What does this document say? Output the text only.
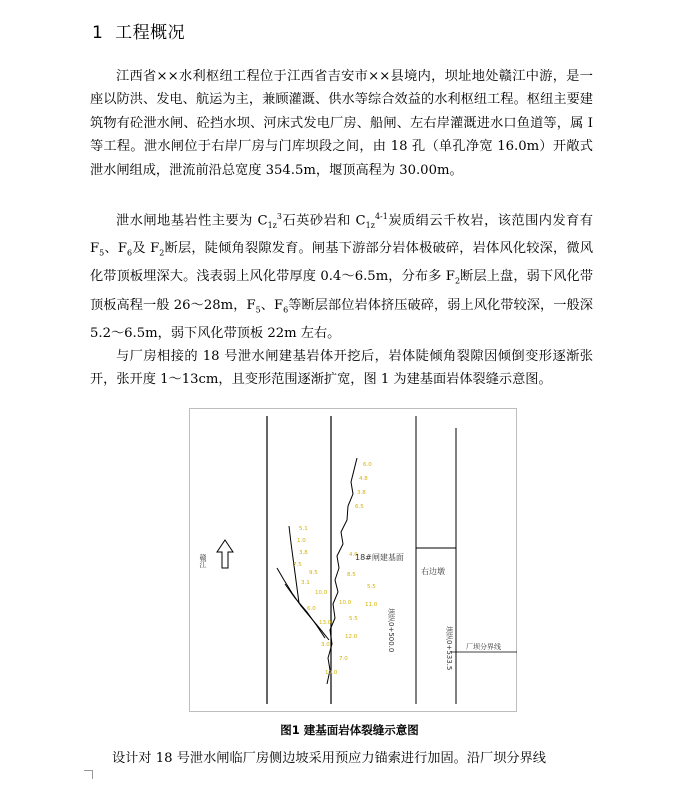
1 工程概况

江西省××水利枢纽工程位于江西省吉安市××县境内，坝址地处赣江中游，是一座以防洪、发电、航运为主，兼顾灌溉、供水等综合效益的水利枢纽工程。枢纽主要建筑物有砼泄水闸、砼挡水坝、河床式发电厂房、船闸、左右岸灌溉进水口鱼道等，属 I 等工程。泄水闸位于右岸厂房与门库坝段之间，由 18 孔（单孔净宽 16.0m）开敞式泄水闸组成，泄流前沿总宽度 354.5m，堰顶高程为 30.00m。

泄水闸地基岩性主要为 $C_{1z}^3$石英砂岩和 $C_{1z}^{4-1}$炭质绢云千枚岩，该范围内发育有 $F_5$、$F_6$及 $F_2$断层，陡倾角裂隙发育。闸基下游部分岩体极破碎，岩体风化较深，微风化带顶板埋深大。浅表弱上风化带厚度 0.4～6.5m，分布多 $F_2$断层上盘，弱下风化带顶板高程一般 26～28m，$F_5$、$F_6$等断层部位岩体挤压破碎，弱上风化带较深，一般深 5.2～6.5m，弱下风化带顶板 22m 左右。

与厂房相接的 18 号泄水闸建基岩体开挖后，岩体陡倾角裂隙因倾倒变形逐渐张开，张开度 1～13cm，且变形范围逐渐扩宽，图 1 为建基面岩体裂缝示意图。

赣江
6.0
4.8
3.8
6.5
5.1
1.0
3.8
7.5
4.0
9.5	8.5
3.1
5.5
10.0
10.0	11.0
6.0
5.5
13.0
12.0
3.0
7.0
10.0
18#闸建基面
右边墩
坝纵0+500.0	坝纵0+533.5 厂坝分界线
图1 建基面岩体裂缝示意图

设计对 18 号泄水闸临厂房侧边坡采用预应力锚索进行加固。沿厂坝分界线
